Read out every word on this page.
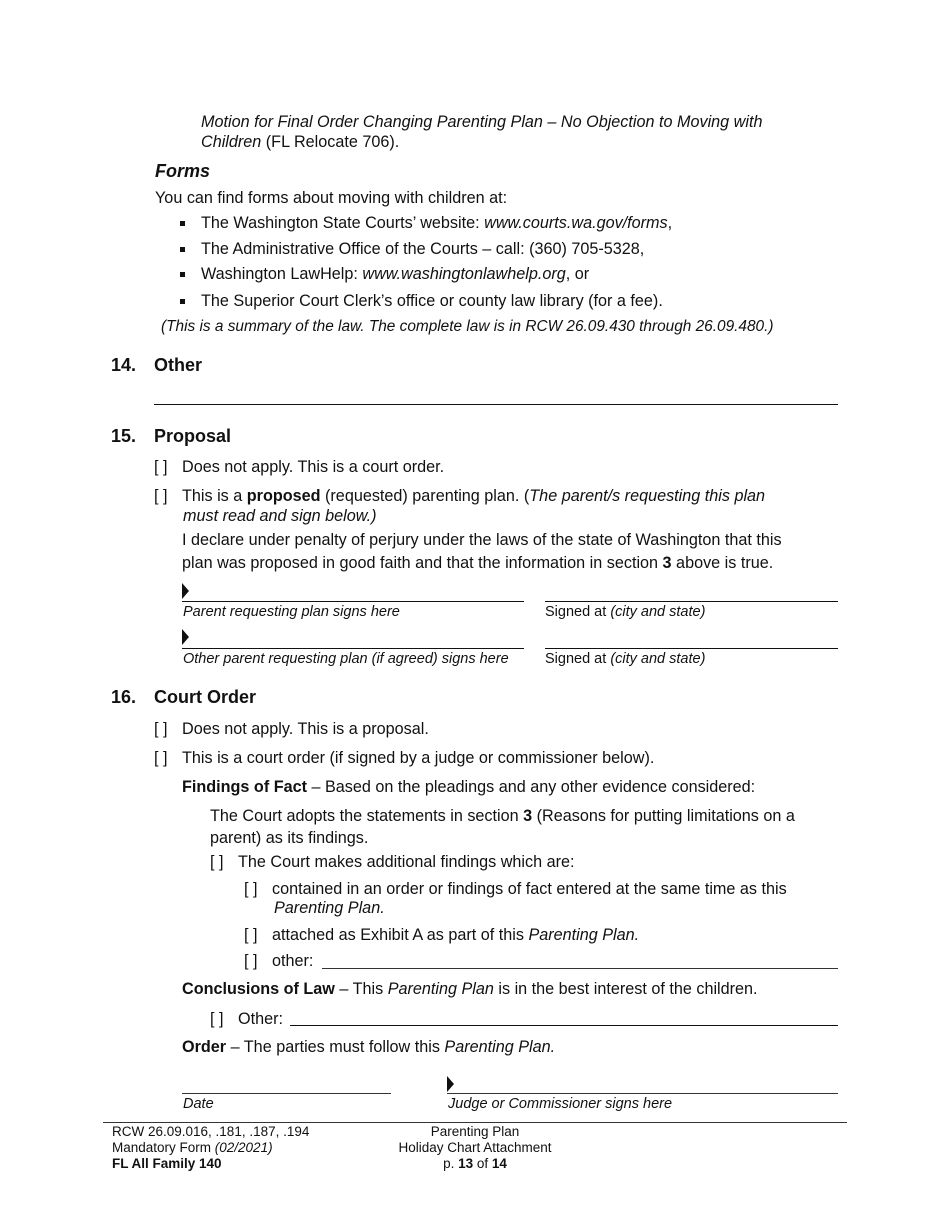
Motion for Final Order Changing Parenting Plan – No Objection to Moving with
Children (FL Relocate 706).
Forms
You can find forms about moving with children at:
The Washington State Courts’ website: www.courts.wa.gov/forms,
The Administrative Office of the Courts – call: (360) 705-5328,
Washington LawHelp: www.washingtonlawhelp.org, or
The Superior Court Clerk’s office or county law library (for a fee).
(This is a summary of the law. The complete law is in RCW 26.09.430 through 26.09.480.)
14. Other
15. Proposal
[ ] Does not apply. This is a court order.
[ ] This is a proposed (requested) parenting plan. (The parent/s requesting this plan
must read and sign below.)
I declare under penalty of perjury under the laws of the state of Washington that this
plan was proposed in good faith and that the information in section 3 above is true.
Parent requesting plan signs here	Signed at (city and state)
Other parent requesting plan (if agreed) signs here	Signed at (city and state)
16. Court Order
[ ] Does not apply. This is a proposal.
[ ] This is a court order (if signed by a judge or commissioner below).
Findings of Fact – Based on the pleadings and any other evidence considered:
The Court adopts the statements in section 3 (Reasons for putting limitations on a
parent) as its findings.
[ ] The Court makes additional findings which are:
[ ] contained in an order or findings of fact entered at the same time as this
Parenting Plan.
[ ] attached as Exhibit A as part of this Parenting Plan.
[ ] other:
Conclusions of Law – This Parenting Plan is in the best interest of the children.
[ ] Other:
Order – The parties must follow this Parenting Plan.
Date	Judge or Commissioner signs here
RCW 26.09.016, .181, .187, .194
Mandatory Form (02/2021)
FL All Family 140
Parenting Plan
Holiday Chart Attachment
p. 13 of 14
